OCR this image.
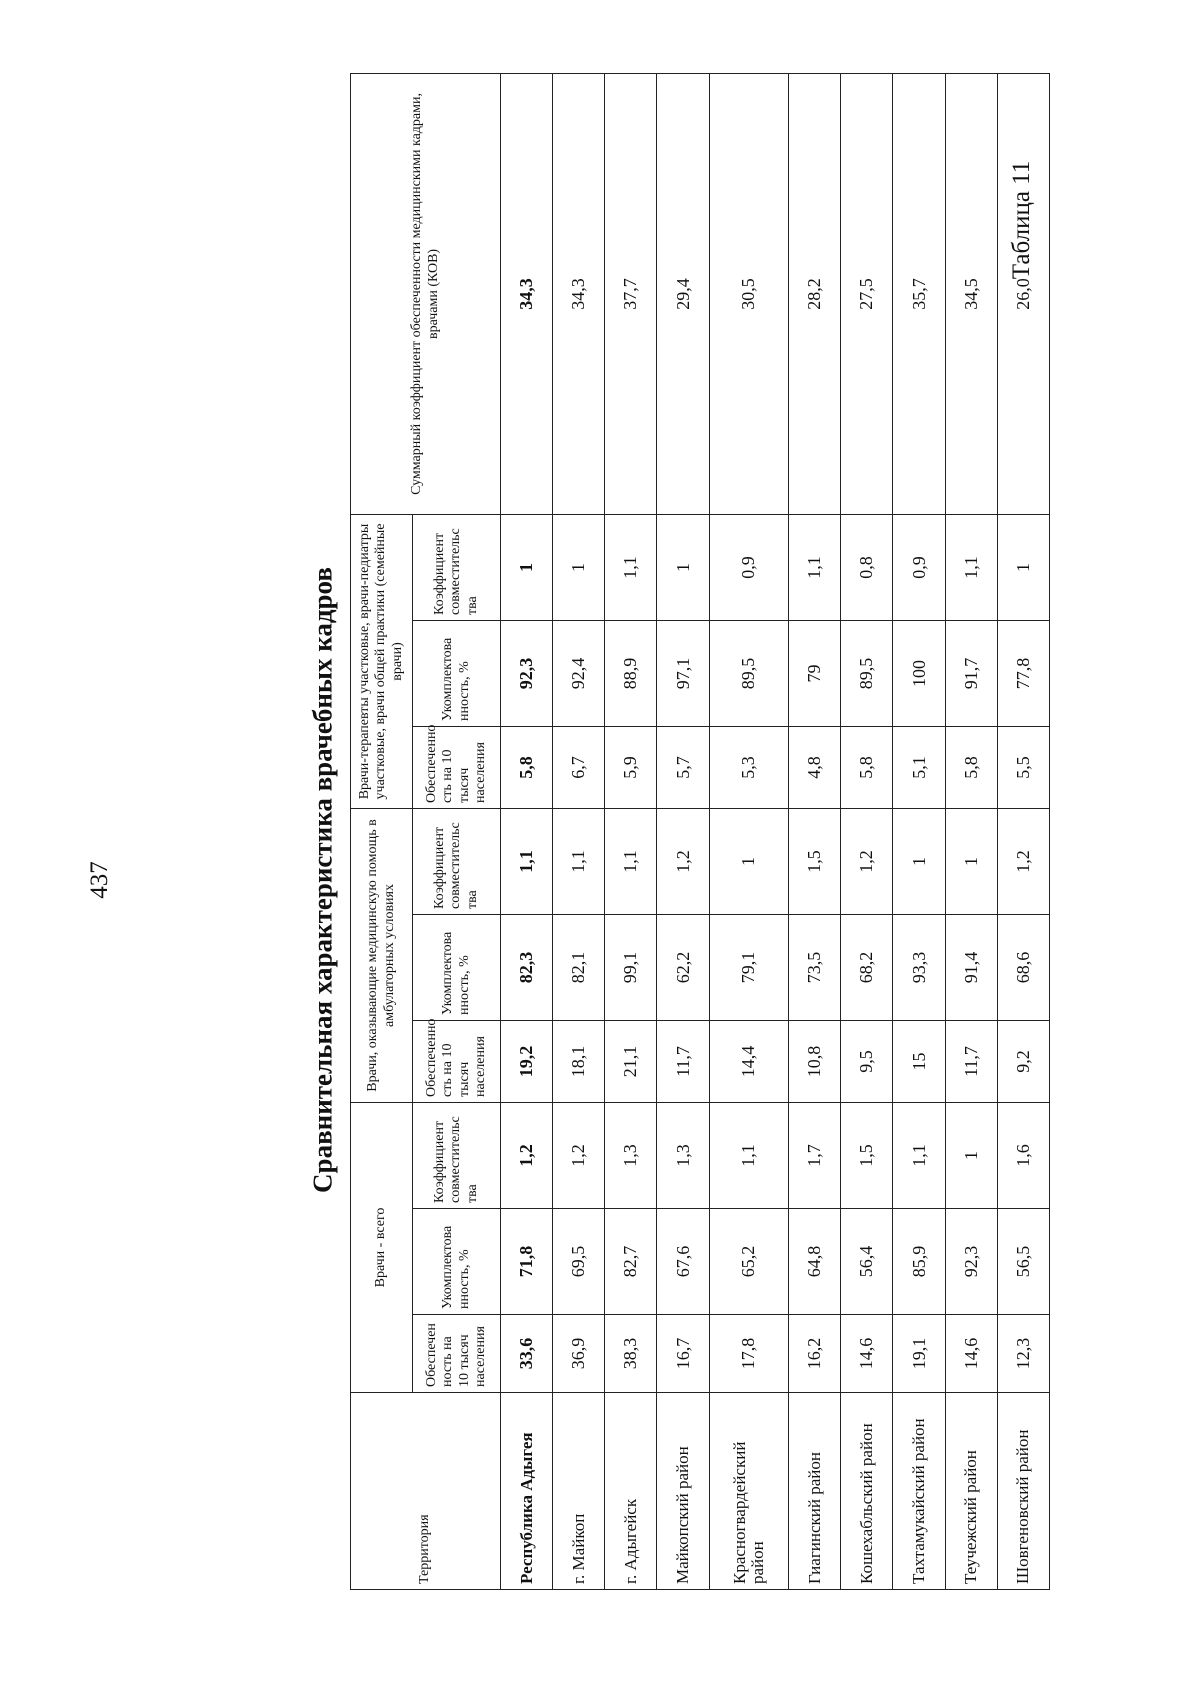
437	Сравнительная характеристика врачебных кадров
Таблица 11
Территория	Врачи - всего			Врачи, оказывающие медицинскую помощь в амбулаторных условиях			Врачи-терапевты участковые, врачи-педиатры участковые, врачи общей практики (семейные врачи)			Суммарный коэффициент обеспеченности медицинскими кадрами, врачами (КОВ)
	Обеспечен ность на 10 тысяч населения	Укомплектова нность, %	Коэффициент совместительс тва	Обеспеченно сть на 10 тысяч населения	Укомплектова нность, %	Коэффициент совместительс тва	Обеспеченно сть на 10 тысяч населения	Укомплектова нность, %	Коэффициент совместительс тва	
Республика Адыгея	33,6	71,8	1,2	19,2	82,3	1,1	5,8	92,3	1	34,3
г. Майкоп	36,9	69,5	1,2	18,1	82,1	1,1	6,7	92,4	1	34,3
г. Адыгейск	38,3	82,7	1,3	21,1	99,1	1,1	5,9	88,9	1,1	37,7
Майкопский район	16,7	67,6	1,3	11,7	62,2	1,2	5,7	97,1	1	29,4
Красногвардейский район	17,8	65,2	1,1	14,4	79,1	1	5,3	89,5	0,9	30,5
Гиагинский район	16,2	64,8	1,7	10,8	73,5	1,5	4,8	79	1,1	28,2
Кошехабльский район	14,6	56,4	1,5	9,5	68,2	1,2	5,8	89,5	0,8	27,5
Тахтамукайский район	19,1	85,9	1,1	15	93,3	1	5,1	100	0,9	35,7
Теучежский район	14,6	92,3	1	11,7	91,4	1	5,8	91,7	1,1	34,5
Шовгеновский район	12,3	56,5	1,6	9,2	68,6	1,2	5,5	77,8	1	26,0
